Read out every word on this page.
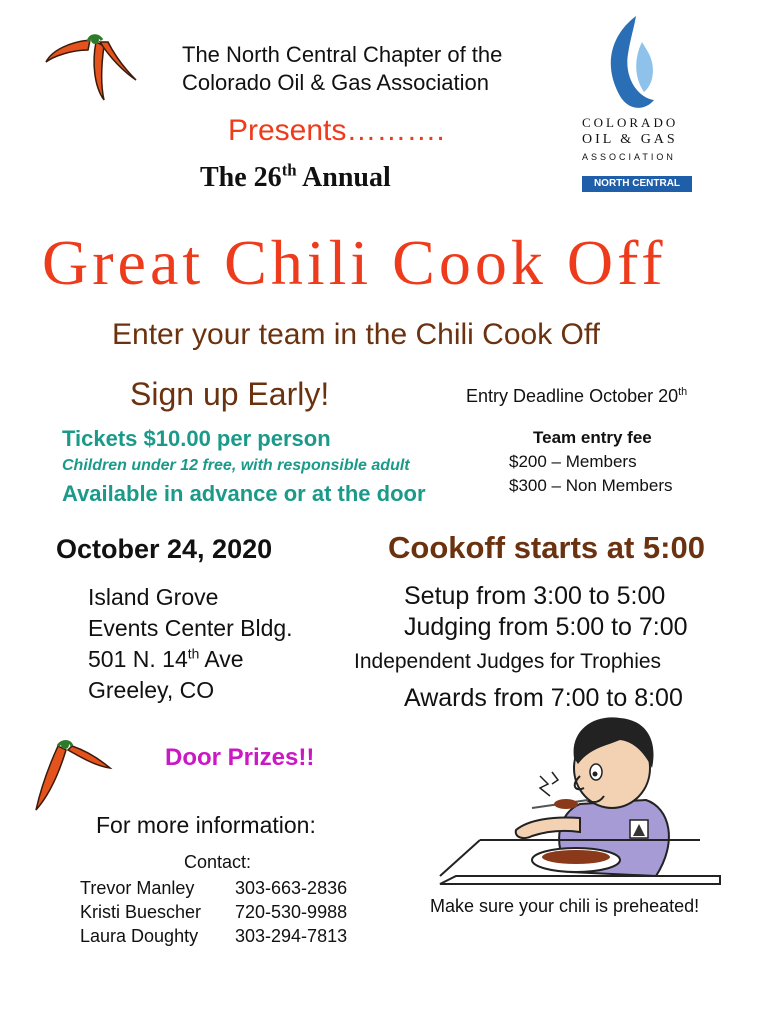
The North Central Chapter of the
Colorado Oil & Gas Association
Presents……….
The 26th Annual
COLORADO
OIL & GAS
ASSOCIATION
NORTH CENTRAL
Great Chili Cook Off
Enter your team in the Chili Cook Off
Sign up Early!	Entry Deadline October 20th
Tickets $10.00 per person
Children under 12 free, with responsible adult
Available in advance or at the door
Team entry fee
$200 – Members
$300 – Non Members
October 24, 2020	Cookoff starts at 5:00
Island Grove
Events Center Bldg.
501 N. 14th Ave
Greeley, CO
Setup from 3:00 to 5:00
Judging from 5:00 to 7:00
Independent Judges for Trophies
Awards from 7:00 to 8:00
Door Prizes!!
For more information:
Contact:
Trevor Manley	303-663-2836
Kristi Buescher	720-530-9988
Laura Doughty	303-294-7813
Make sure your chili is preheated!
